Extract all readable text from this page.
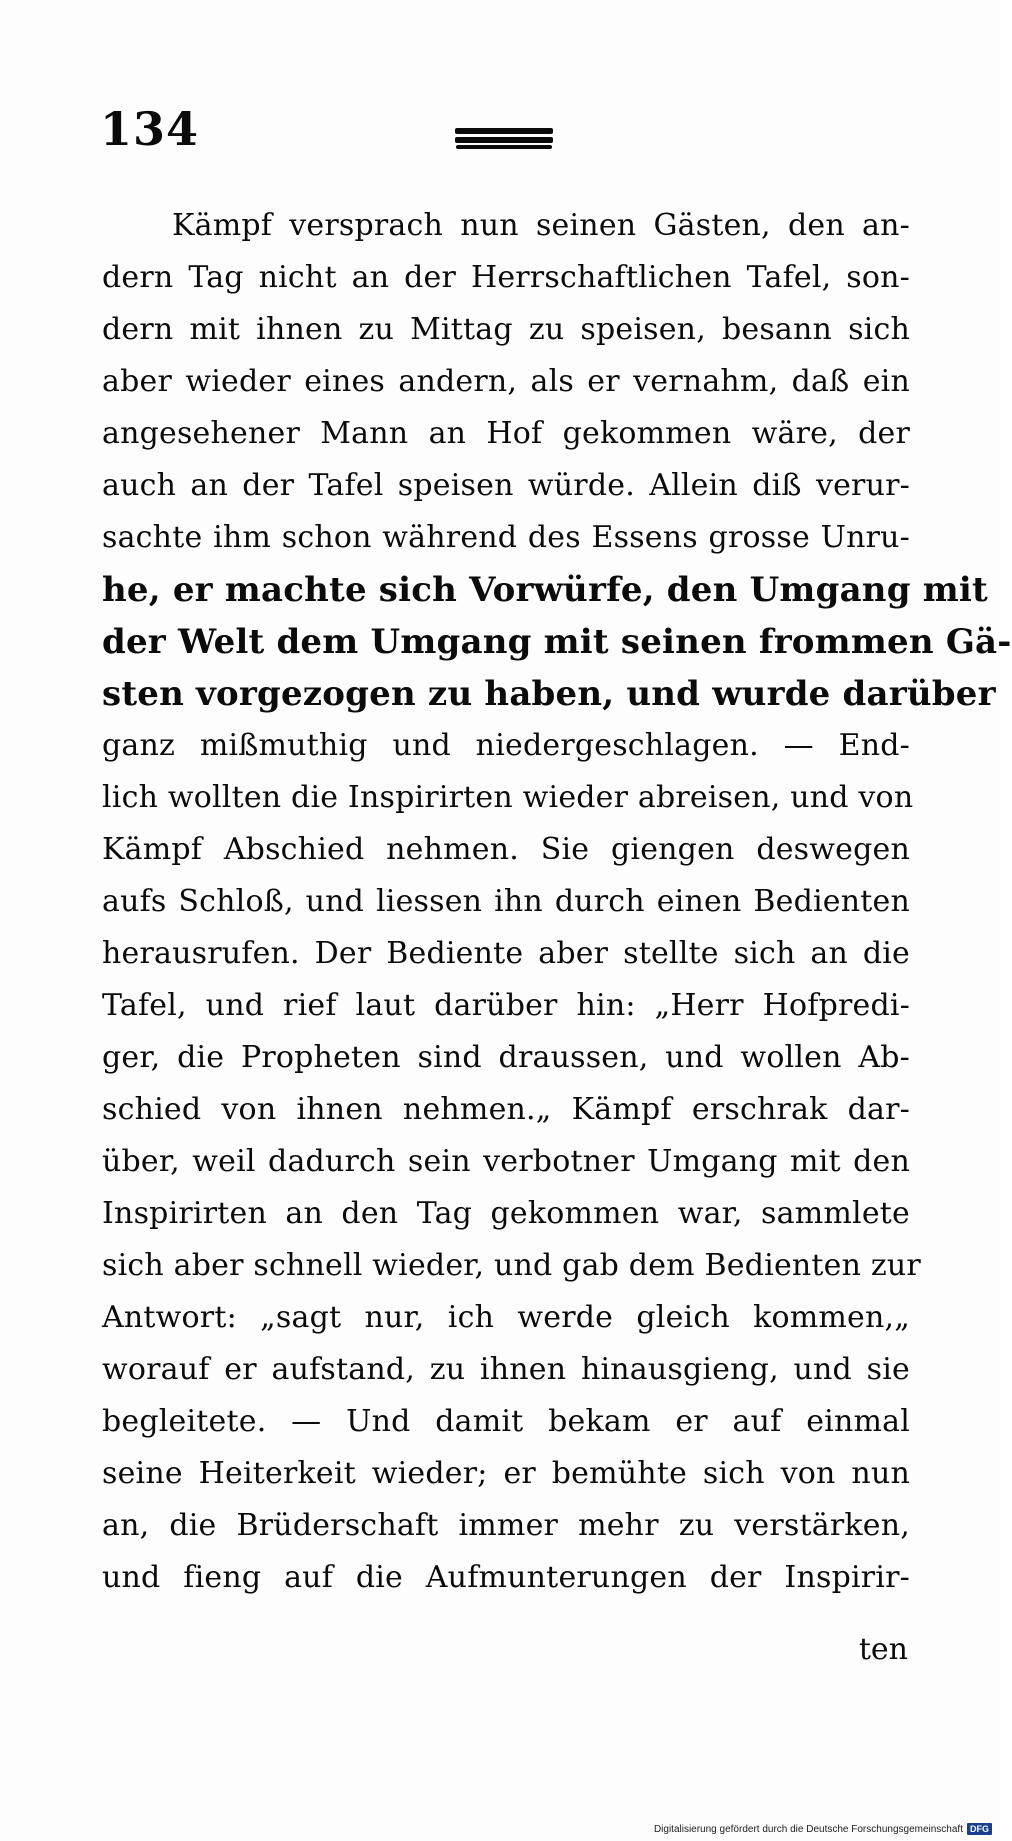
134
Kämpf versprach nun seinen Gästen, den an-
dern Tag nicht an der Herrschaftlichen Tafel, son-
dern mit ihnen zu Mittag zu speisen, besann sich
aber wieder eines andern, als er vernahm, daß ein
angesehener Mann an Hof gekommen wäre, der
auch an der Tafel speisen würde. Allein diß verur-
sachte ihm schon während des Essens grosse Unru-
he, er machte sich Vorwürfe, den Umgang mit
der Welt dem Umgang mit seinen frommen Gä-
sten vorgezogen zu haben, und wurde darüber
ganz mißmuthig und niedergeschlagen. — End-
lich wollten die Inspirirten wieder abreisen, und von
Kämpf Abschied nehmen. Sie giengen deswegen
aufs Schloß, und liessen ihn durch einen Bedienten
herausrufen. Der Bediente aber stellte sich an die
Tafel, und rief laut darüber hin: „Herr Hofpredi-
ger, die Propheten sind draussen, und wollen Ab-
schied von ihnen nehmen.„ Kämpf erschrak dar-
über, weil dadurch sein verbotner Umgang mit den
Inspirirten an den Tag gekommen war, sammlete
sich aber schnell wieder, und gab dem Bedienten zur
Antwort: „sagt nur, ich werde gleich kommen,„
worauf er aufstand, zu ihnen hinausgieng, und sie
begleitete. — Und damit bekam er auf einmal
seine Heiterkeit wieder; er bemühte sich von nun
an, die Brüderschaft immer mehr zu verstärken,
und fieng auf die Aufmunterungen der Inspirir-
ten
Digitalisierung gefördert durch die Deutsche Forschungsgemeinschaft DFG
